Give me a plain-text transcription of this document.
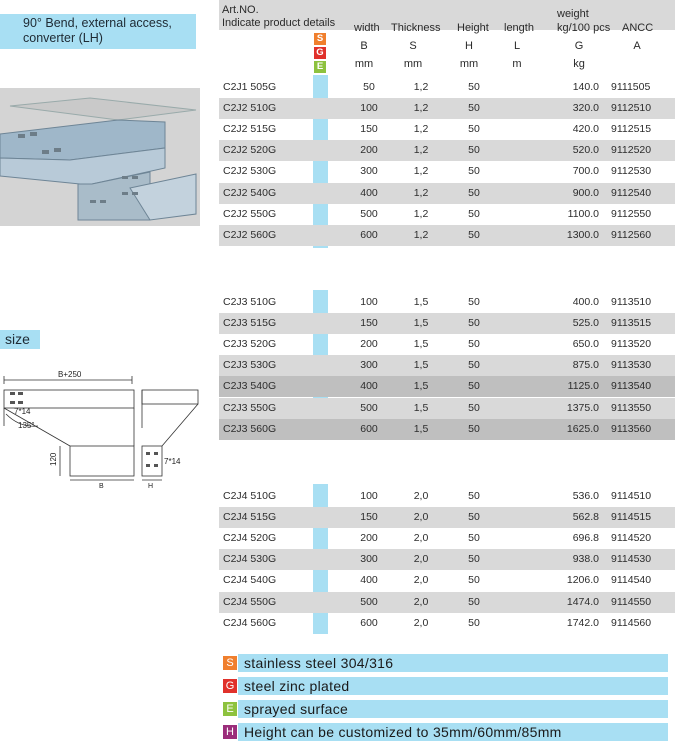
90° Bend, external access, converter (LH)
size
B+250
7*14
135°
120
B	H
7*14
Art.NO.
Indicate product details width Thickness Height length
weight
kg/100 pcs ANCC
B	S	H	L	G	A
mm	mm	mm	m	kg
S
G
E
C2J1 505G	50	1,2	50	140.0 9111505
C2J2 510G	100	1,2	50	320.0 9112510
C2J2 515G	150	1,2	50	420.0 9112515
C2J2 520G	200	1,2	50	520.0 9112520
C2J2 530G	300	1,2	50	700.0 9112530
C2J2 540G	400	1,2	50	900.0 9112540
C2J2 550G	500	1,2	50	1100.0 9112550
C2J2 560G	600	1,2	50	1300.0 9112560
C2J3 510G	100	1,5	50	400.0 9113510
C2J3 515G	150	1,5	50	525.0 9113515
C2J3 520G	200	1,5	50	650.0 9113520
C2J3 530G	300	1,5	50	875.0 9113530
C2J3 540G	400	1,5	50	1125.0 9113540
C2J3 550G	500	1,5	50	1375.0 9113550
C2J3 560G	600	1,5	50	1625.0 9113560
C2J4 510G	100	2,0	50	536.0 9114510
C2J4 515G	150	2,0	50	562.8 9114515
C2J4 520G	200	2,0	50	696.8 9114520
C2J4 530G	300	2,0	50	938.0 9114530
C2J4 540G	400	2,0	50	1206.0 9114540
C2J4 550G	500	2,0	50	1474.0 9114550
C2J4 560G	600	2,0	50	1742.0 9114560
S stainless steel 304/316
G steel zinc plated
E sprayed surface
H Height can be customized to 35mm/60mm/85mm
